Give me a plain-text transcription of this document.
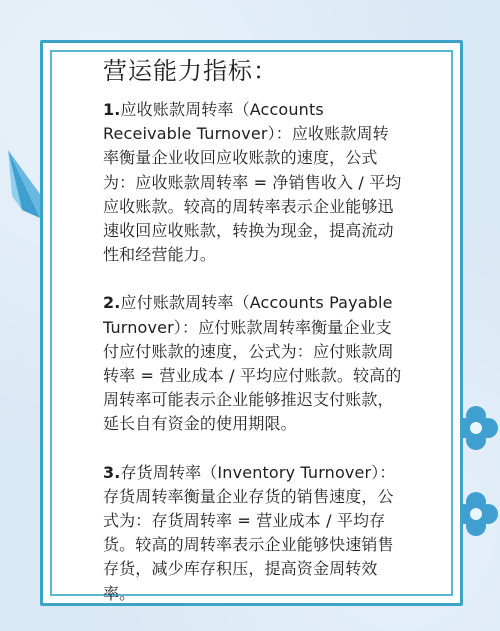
营运能力指标：

1.应收账款周转率（Accounts Receivable Turnover）：应收账款周转率衡量企业收回应收账款的速度，公式为：应收账款周转率 = 净销售收入 / 平均应收账款。较高的周转率表示企业能够迅速收回应收账款，转换为现金，提高流动性和经营能力。

2.应付账款周转率（Accounts Payable Turnover）：应付账款周转率衡量企业支付应付账款的速度，公式为：应付账款周转率 = 营业成本 / 平均应付账款。较高的周转率可能表示企业能够推迟支付账款，延长自有资金的使用期限。

3.存货周转率（Inventory Turnover）：存货周转率衡量企业存货的销售速度，公式为：存货周转率 = 营业成本 / 平均存货。较高的周转率表示企业能够快速销售存货，减少库存积压，提高资金周转效率。
